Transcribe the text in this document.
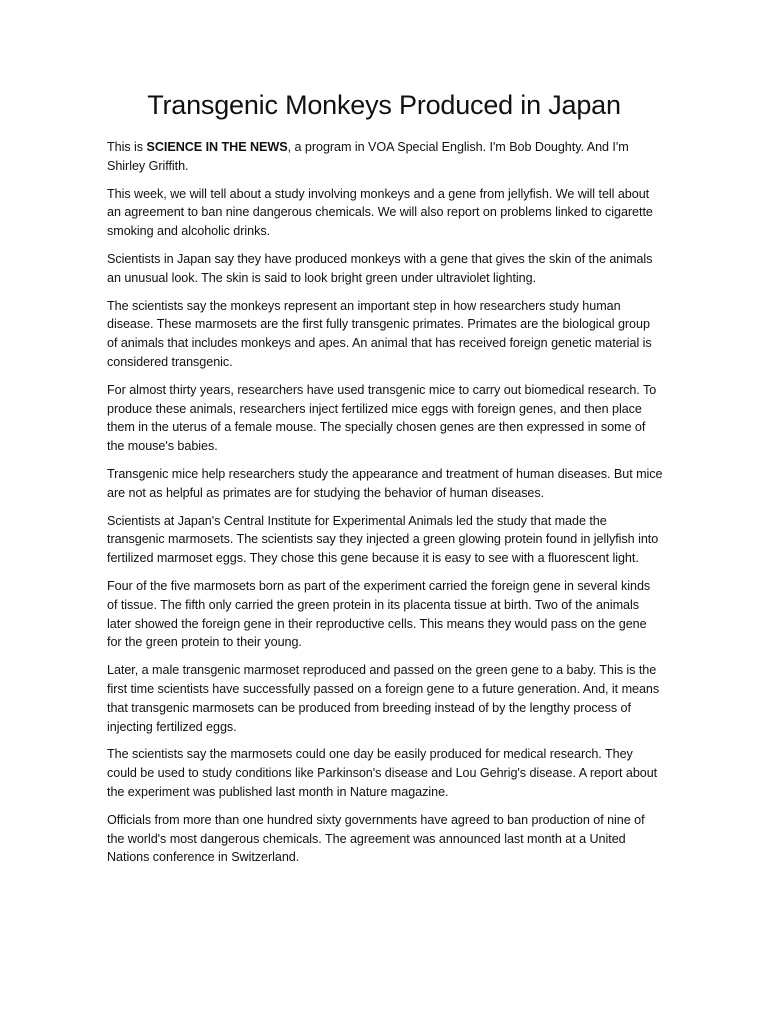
Transgenic Monkeys Produced in Japan

This is SCIENCE IN THE NEWS, a program in VOA Special English. I'm Bob Doughty. And I'm Shirley Griffith.

This week, we will tell about a study involving monkeys and a gene from jellyfish. We will tell about an agreement to ban nine dangerous chemicals. We will also report on problems linked to cigarette smoking and alcoholic drinks.

Scientists in Japan say they have produced monkeys with a gene that gives the skin of the animals an unusual look. The skin is said to look bright green under ultraviolet lighting.

The scientists say the monkeys represent an important step in how researchers study human disease. These marmosets are the first fully transgenic primates. Primates are the biological group of animals that includes monkeys and apes. An animal that has received foreign genetic material is considered transgenic.

For almost thirty years, researchers have used transgenic mice to carry out biomedical research. To produce these animals, researchers inject fertilized mice eggs with foreign genes, and then place them in the uterus of a female mouse. The specially chosen genes are then expressed in some of the mouse's babies.

Transgenic mice help researchers study the appearance and treatment of human diseases. But mice are not as helpful as primates are for studying the behavior of human diseases.

Scientists at Japan's Central Institute for Experimental Animals led the study that made the transgenic marmosets. The scientists say they injected a green glowing protein found in jellyfish into fertilized marmoset eggs. They chose this gene because it is easy to see with a fluorescent light.

Four of the five marmosets born as part of the experiment carried the foreign gene in several kinds of tissue. The fifth only carried the green protein in its placenta tissue at birth. Two of the animals later showed the foreign gene in their reproductive cells. This means they would pass on the gene for the green protein to their young.

Later, a male transgenic marmoset reproduced and passed on the green gene to a baby. This is the first time scientists have successfully passed on a foreign gene to a future generation. And, it means that transgenic marmosets can be produced from breeding instead of by the lengthy process of injecting fertilized eggs.

The scientists say the marmosets could one day be easily produced for medical research. They could be used to study conditions like Parkinson's disease and Lou Gehrig's disease. A report about the experiment was published last month in Nature magazine.

Officials from more than one hundred sixty governments have agreed to ban production of nine of the world's most dangerous chemicals. The agreement was announced last month at a United Nations conference in Switzerland.
